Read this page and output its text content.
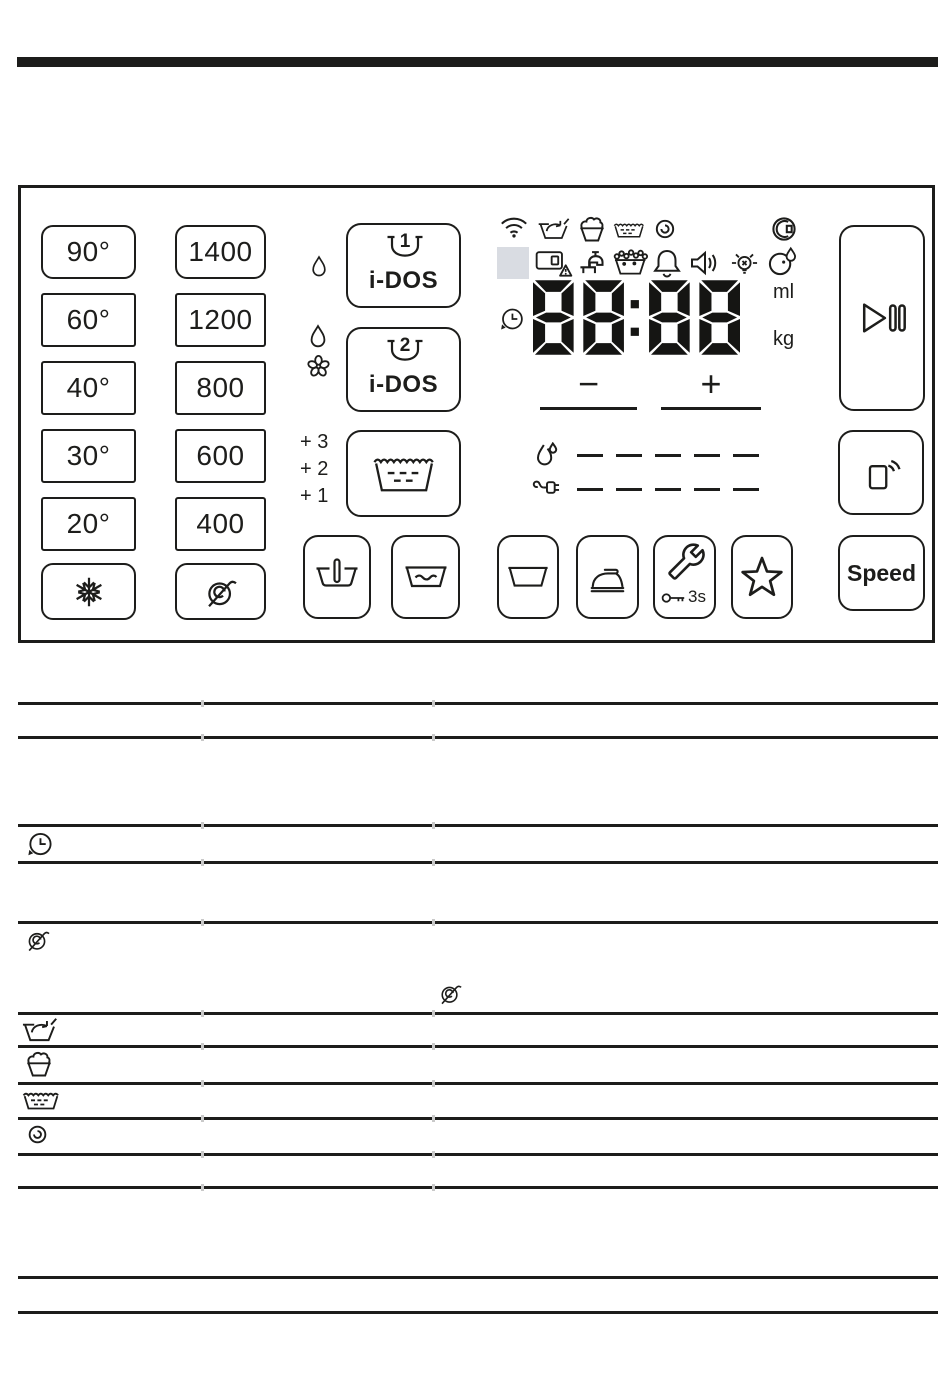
90°
60°
40°
30°
20°
1400
1200
800
600
400
1
i-DOS
2
i-DOS
+ 3
+ 2
+ 1
ml
kg
−	+
Speed
3s
